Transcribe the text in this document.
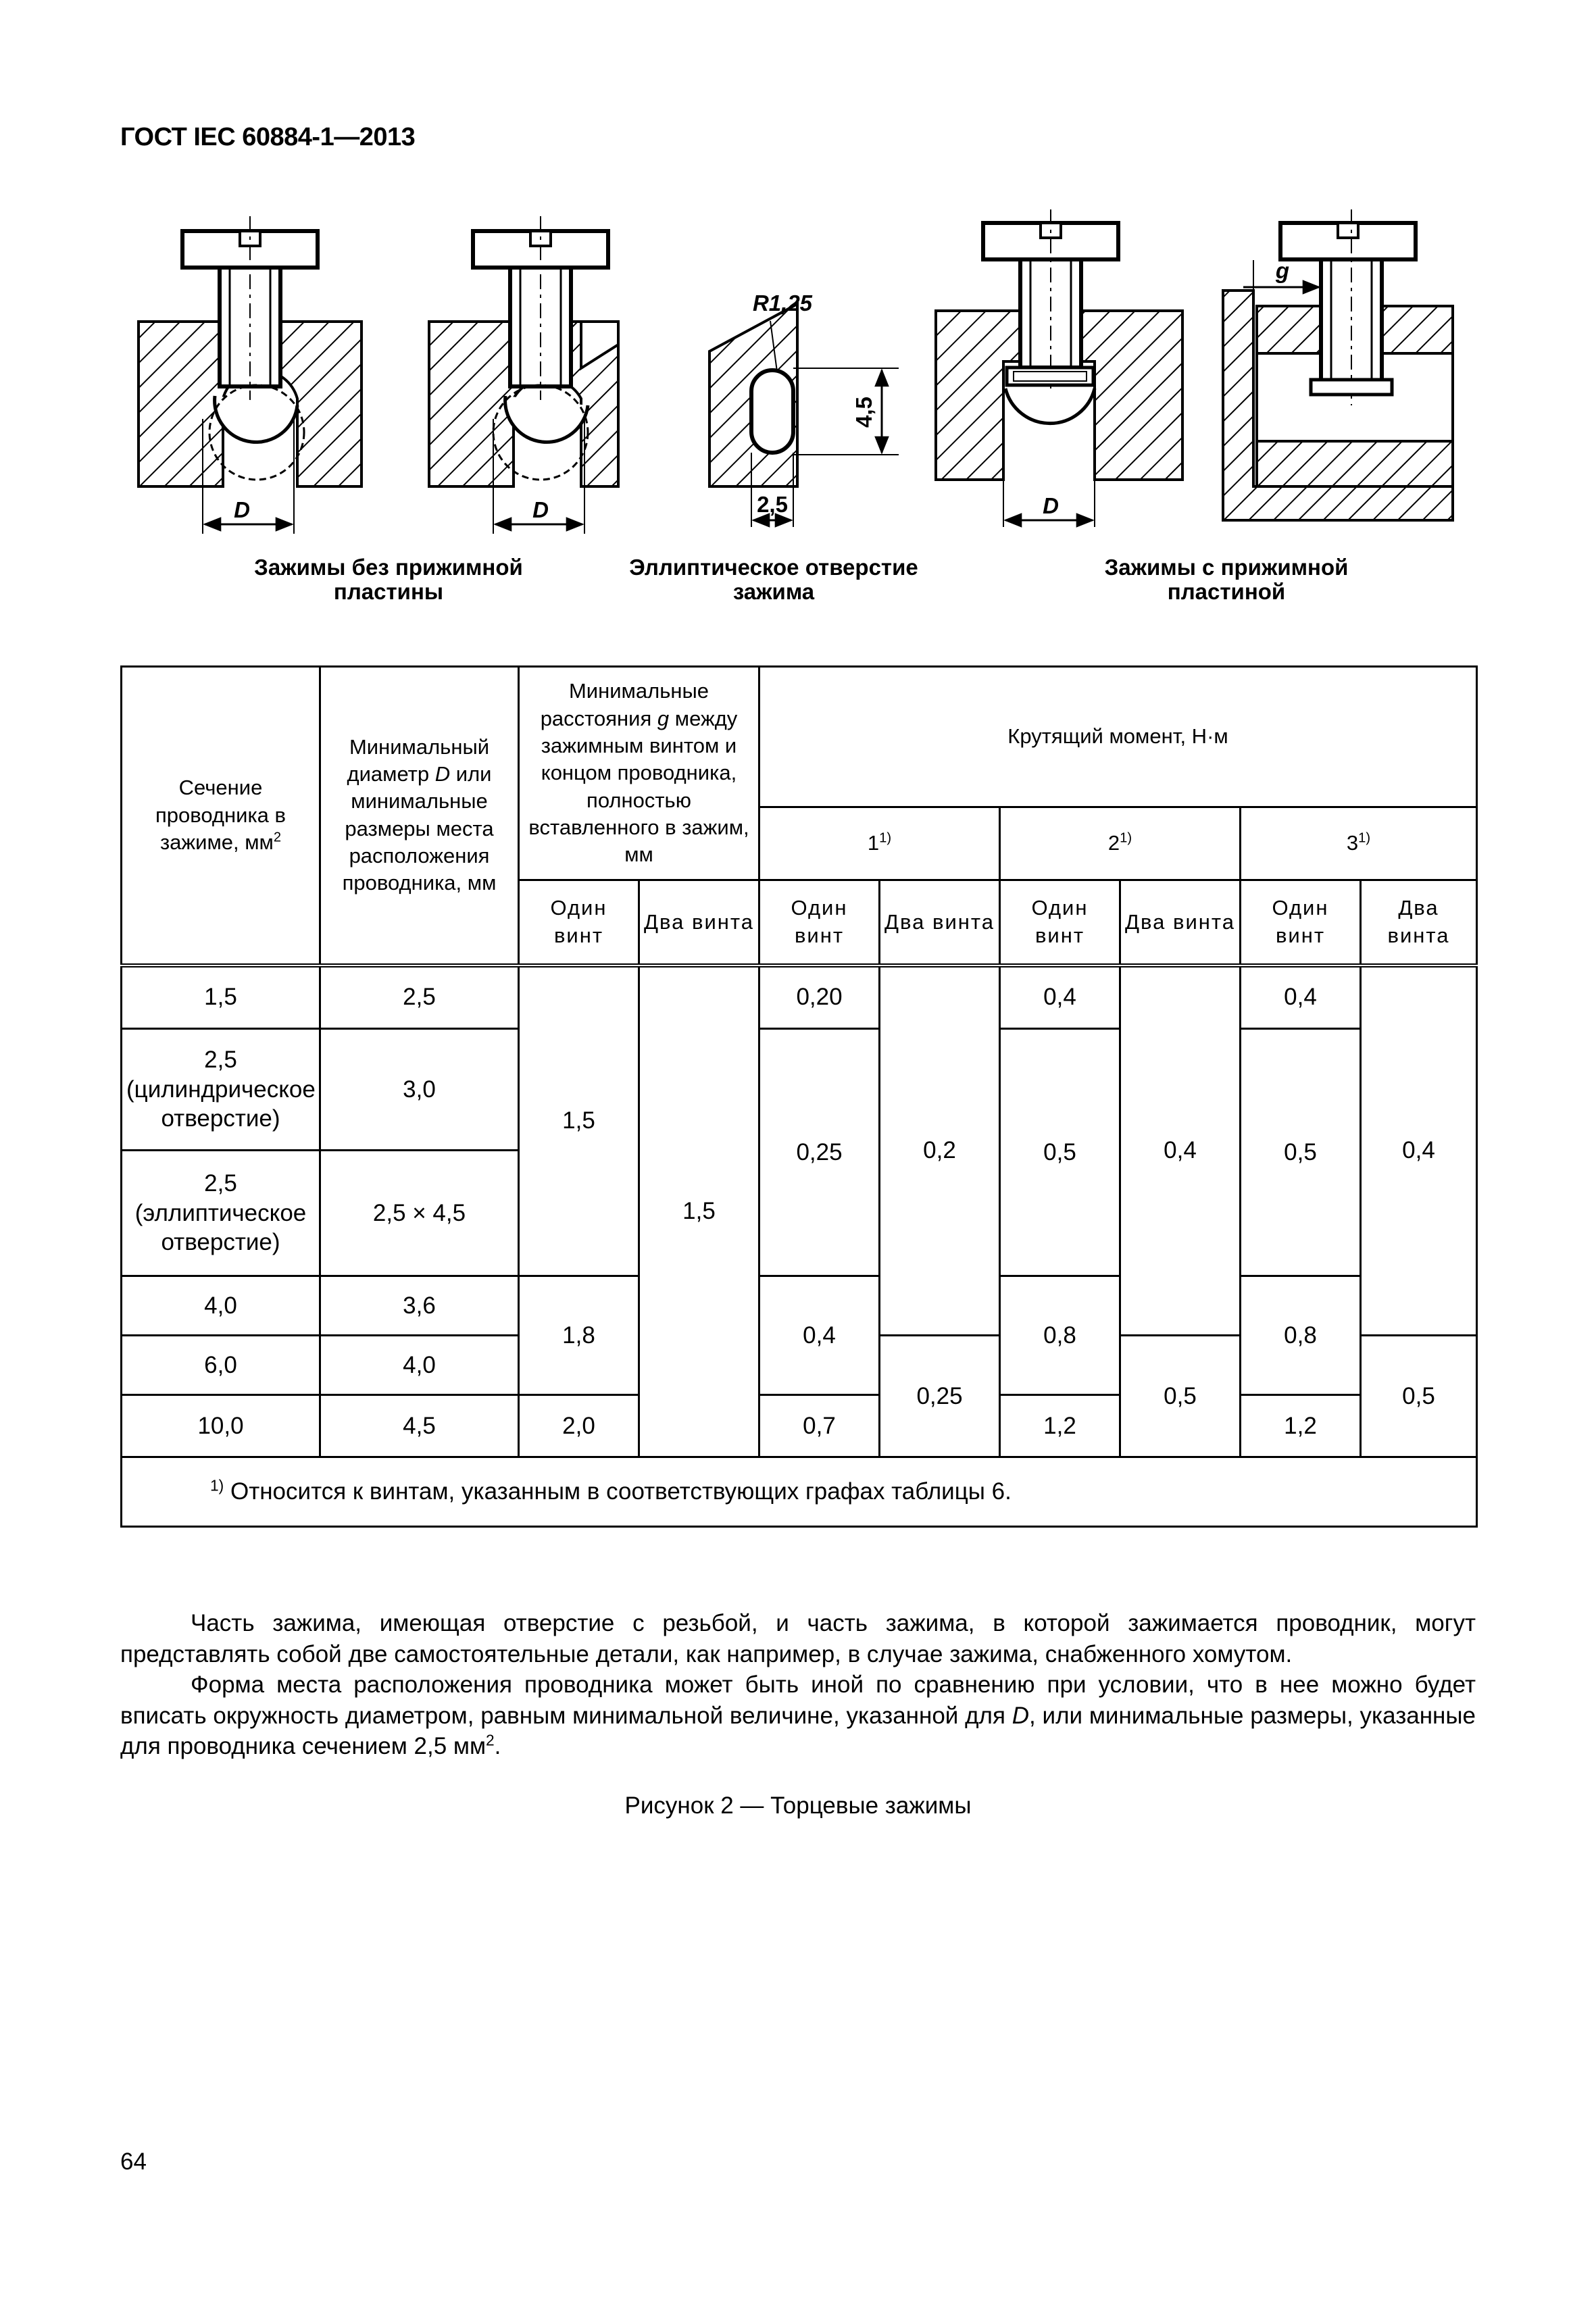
ГОСТ IEC 60884-1—2013
D	D
R1,25
4,5
2,5	D
g
Зажимы без прижимной пластины
Эллиптическое отверстие зажима
Зажимы с прижимной пластиной
Сечение проводника в зажиме, $мм^2$	Минимальный диаметр D или минимальные размеры места расположения проводника, мм	Минимальные расстояния g между зажимным винтом и концом проводника, полностью вставленного в зажим, мм		Крутящий момент, Н·м					
				1$^{1)}$		2$^{1)}$		3$^{1)}$
		Один винт	Два винта	Один винт	Два винта	Один винт	Два винта	Один винт	Два винта
1,5	2,5	1,5	1,5	0,20	0,2	0,4	0,4	0,4	0,4
2,5 (цилиндрическое отверстие)	3,0			0,25		0,5		0,5	
2,5 (эллиптическое отверстие)	2,5 × 4,5								
4,0	3,6	1,8		0,4		0,8		0,8	
6,0	4,0				0,25		0,5		0,5
10,0	4,5	2,0		0,7		1,2		1,2	
$^{1)}$ Относится к винтам, указанным в соответствующих графах таблицы 6.									

Часть зажима, имеющая отверстие с резьбой, и часть зажима, в которой зажимается проводник, могут представлять собой две самостоятельные детали, как например, в случае зажима, снабженного хомутом.

Форма места расположения проводника может быть иной по сравнению при условии, что в нее можно будет вписать окружность диаметром, равным минимальной величине, указанной для D, или минимальные размеры, указанные для проводника сечением 2,5 $мм^2$.

Рисунок 2 — Торцевые зажимы
64
